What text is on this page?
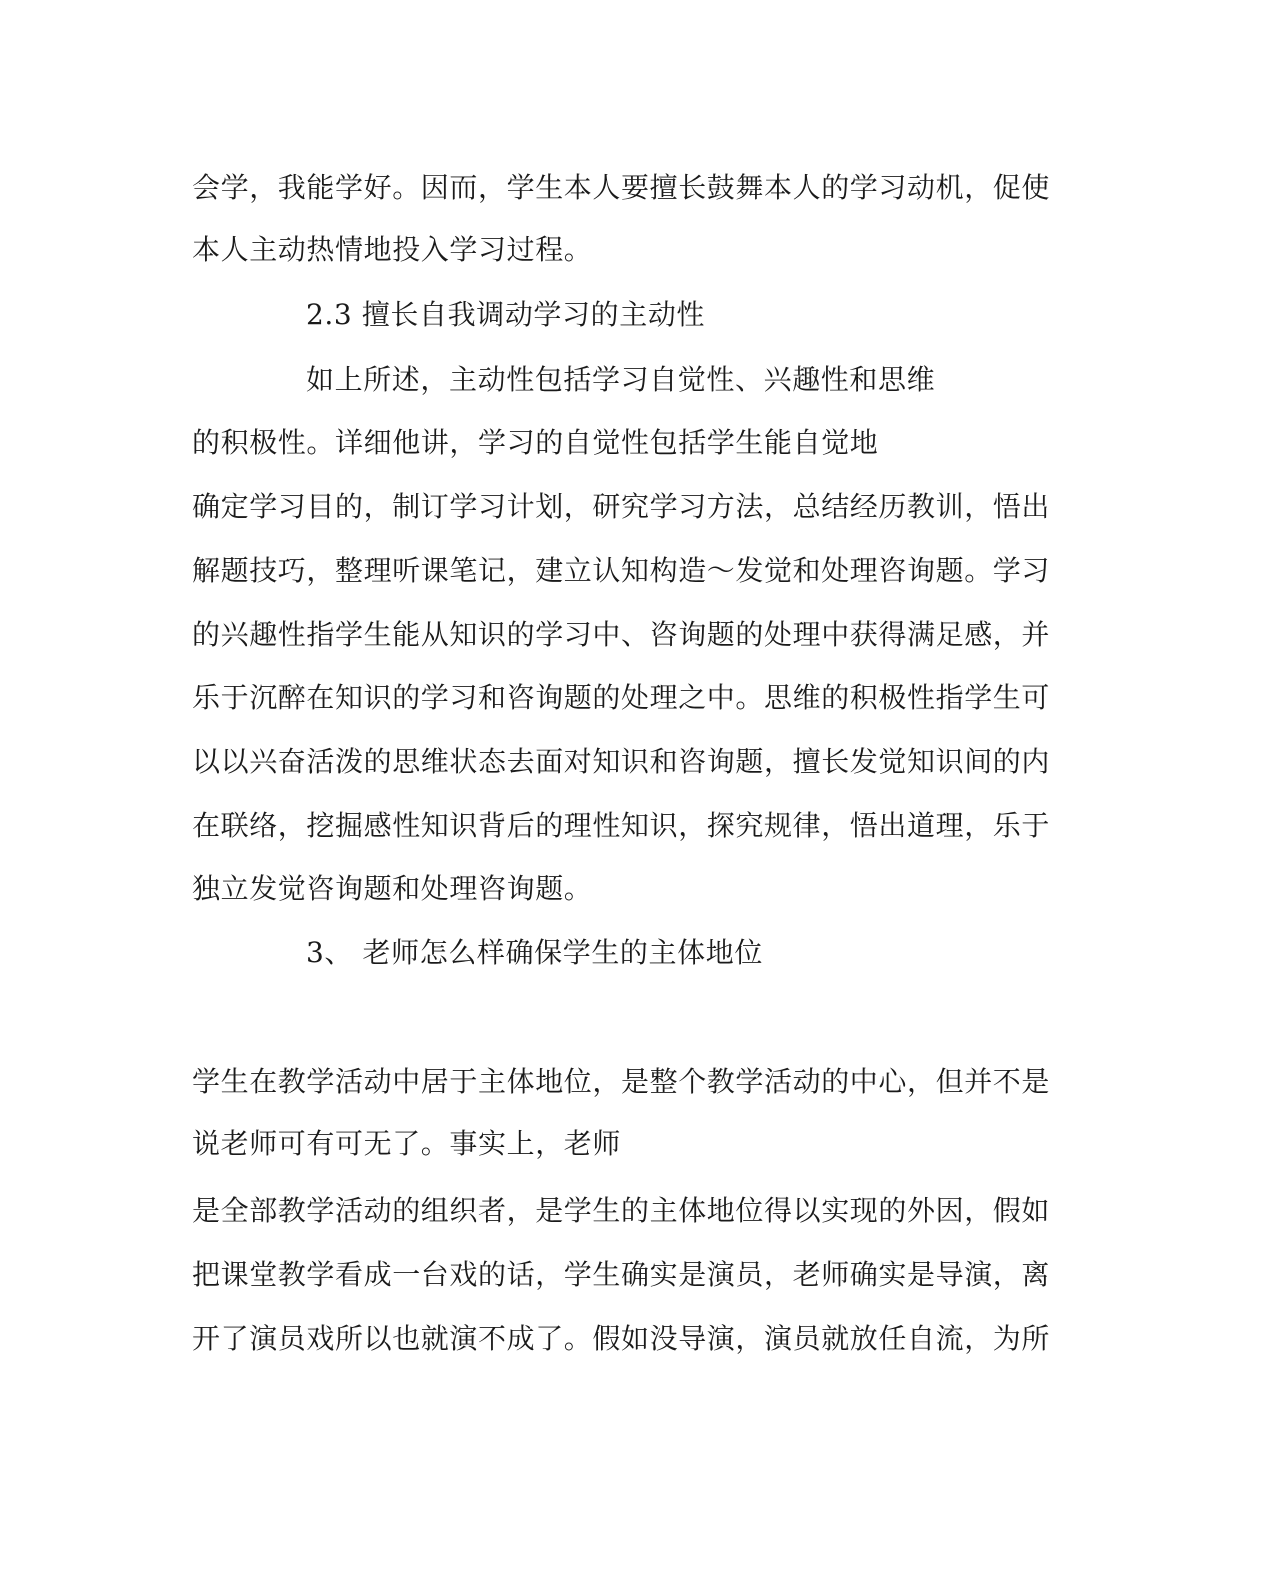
会学，我能学好。因而，学生本人要擅长鼓舞本人的学习动机，促使
本人主动热情地投入学习过程。
2.3 擅长自我调动学习的主动性
如上所述，主动性包括学习自觉性、兴趣性和思维
的积极性。详细他讲，学习的自觉性包括学生能自觉地
确定学习目的，制订学习计划，研究学习方法，总结经历教训，悟出
解题技巧，整理听课笔记，建立认知构造～发觉和处理咨询题。学习
的兴趣性指学生能从知识的学习中、咨询题的处理中获得满足感，并
乐于沉醉在知识的学习和咨询题的处理之中。思维的积极性指学生可
以以兴奋活泼的思维状态去面对知识和咨询题，擅长发觉知识间的内
在联络，挖掘感性知识背后的理性知识，探究规律，悟出道理，乐于
独立发觉咨询题和处理咨询题。
3、 老师怎么样确保学生的主体地位
学生在教学活动中居于主体地位，是整个教学活动的中心，但并不是
说老师可有可无了。事实上，老师
是全部教学活动的组织者，是学生的主体地位得以实现的外因，假如
把课堂教学看成一台戏的话，学生确实是演员，老师确实是导演，离
开了演员戏所以也就演不成了。假如没导演，演员就放任自流，为所
